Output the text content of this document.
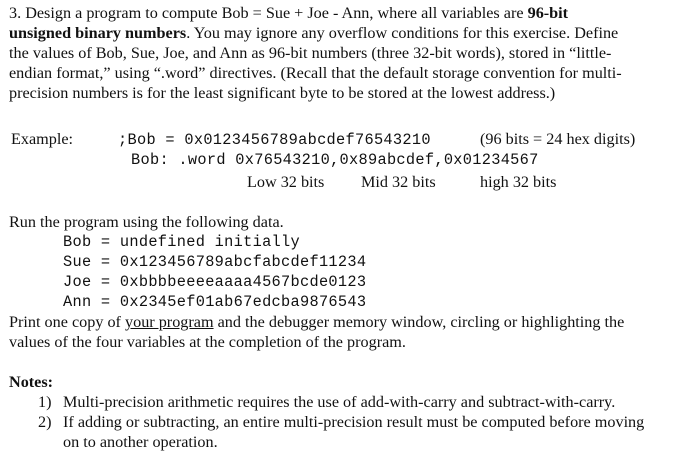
3. Design a program to compute Bob = Sue + Joe - Ann, where all variables are 96-bit
unsigned binary numbers. You may ignore any overflow conditions for this exercise. Define
the values of Bob, Sue, Joe, and Ann as 96-bit numbers (three 32-bit words), stored in “little-
endian format,” using “.word” directives. (Recall that the default storage convention for multi-
precision numbers is for the least significant byte to be stored at the lowest address.)
Example:	;Bob = 0x0123456789abcdef76543210	(96 bits = 24 hex digits)
Bob: .word 0x76543210,0x89abcdef,0x01234567
Low 32 bits Mid 32 bits	high 32 bits
Run the program using the following data.
Bob = undefined initially
Sue = 0x123456789abcfabcdef11234
Joe = 0xbbbbeeeeaaaa4567bcde0123
Ann = 0x2345ef01ab67edcba9876543
Print one copy of your program and the debugger memory window, circling or highlighting the
values of the four variables at the completion of the program.
Notes:
1) Multi-precision arithmetic requires the use of add-with-carry and subtract-with-carry.
2) If adding or subtracting, an entire multi-precision result must be computed before moving
on to another operation.
